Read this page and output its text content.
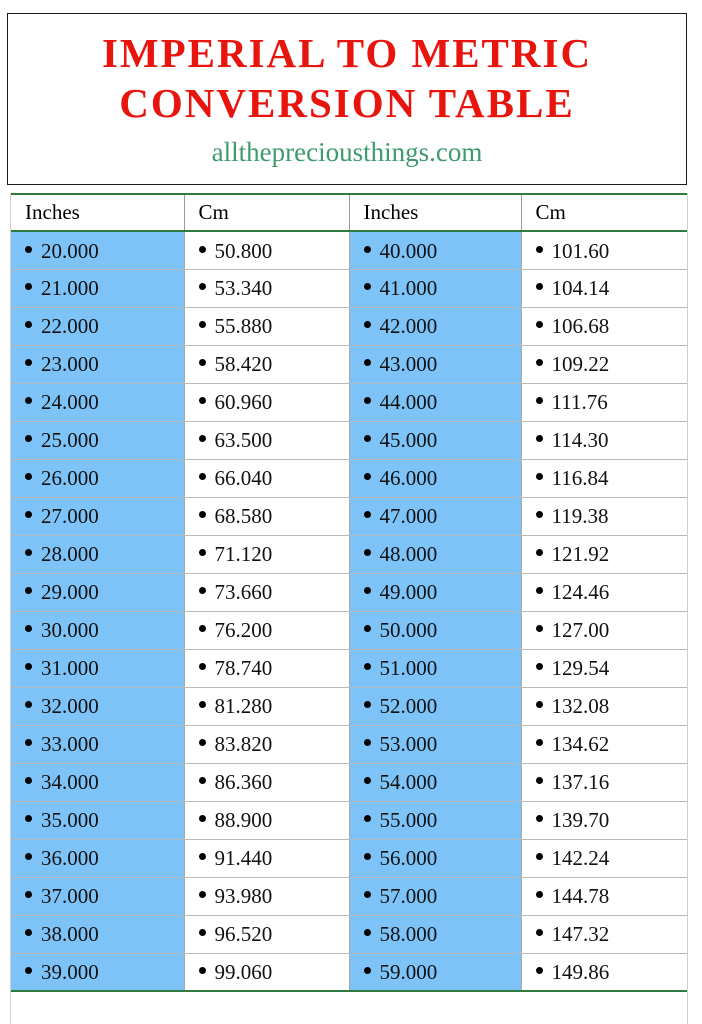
IMPERIAL TO METRIC
CONVERSION TABLE
allthepreciousthings.com
Inches	Cm	Inches	Cm
20.000	50.800	40.000	101.60
21.000	53.340	41.000	104.14
22.000	55.880	42.000	106.68
23.000	58.420	43.000	109.22
24.000	60.960	44.000	111.76
25.000	63.500	45.000	114.30
26.000	66.040	46.000	116.84
27.000	68.580	47.000	119.38
28.000	71.120	48.000	121.92
29.000	73.660	49.000	124.46
30.000	76.200	50.000	127.00
31.000	78.740	51.000	129.54
32.000	81.280	52.000	132.08
33.000	83.820	53.000	134.62
34.000	86.360	54.000	137.16
35.000	88.900	55.000	139.70
36.000	91.440	56.000	142.24
37.000	93.980	57.000	144.78
38.000	96.520	58.000	147.32
39.000	99.060	59.000	149.86
